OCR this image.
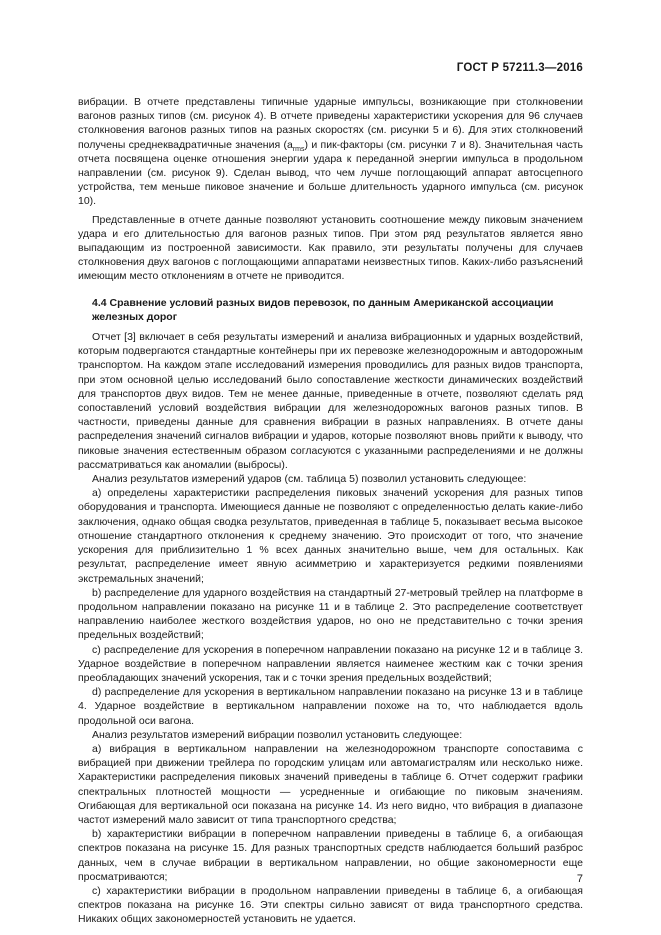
ГОСТ Р 57211.3—2016

вибрации. В отчете представлены типичные ударные импульсы, возникающие при столкновении вагонов разных типов (см. рисунок 4). В отчете приведены характеристики ускорения для 96 случаев столкновения вагонов разных типов на разных скоростях (см. рисунки 5 и 6). Для этих столкновений получены среднеквадратичные значения $(a_{rms})$ и пик-факторы (см. рисунки 7 и 8). Значительная часть отчета посвящена оценке отношения энергии удара к переданной энергии импульса в продольном направлении (см. рисунок 9). Сделан вывод, что чем лучше поглощающий аппарат автосцепного устройства, тем меньше пиковое значение и больше длительность ударного импульса (см. рисунок 10).

Представленные в отчете данные позволяют установить соотношение между пиковым значением удара и его длительностью для вагонов разных типов. При этом ряд результатов является явно выпадающим из построенной зависимости. Как правило, эти результаты получены для случаев столкновения двух вагонов с поглощающими аппаратами неизвестных типов. Каких-либо разъяснений имеющим место отклонениям в отчете не приводится.

4.4 Сравнение условий разных видов перевозок, по данным Американской ассоциации железных дорог

Отчет [3] включает в себя результаты измерений и анализа вибрационных и ударных воздействий, которым подвергаются стандартные контейнеры при их перевозке железнодорожным и автодорожным транспортом. На каждом этапе исследований измерения проводились для разных видов транспорта, при этом основной целью исследований было сопоставление жесткости динамических воздействий для транспортов двух видов. Тем не менее данные, приведенные в отчете, позволяют сделать ряд сопоставлений условий воздействия вибрации для железнодорожных вагонов разных типов. В частности, приведены данные для сравнения вибрации в разных направлениях. В отчете даны распределения значений сигналов вибрации и ударов, которые позволяют вновь прийти к выводу, что пиковые значения естественным образом согласуются с указанными распределениями и не должны рассматриваться как аномалии (выбросы).

Анализ результатов измерений ударов (см. таблица 5) позволил установить следующее:

а) определены характеристики распределения пиковых значений ускорения для разных типов оборудования и транспорта. Имеющиеся данные не позволяют с определенностью делать какие-либо заключения, однако общая сводка результатов, приведенная в таблице 5, показывает весьма высокое отношение стандартного отклонения к среднему значению. Это происходит от того, что значение ускорения для приблизительно 1 % всех данных значительно выше, чем для остальных. Как результат, распределение имеет явную асимметрию и характеризуется редкими появлениями экстремальных значений;

b) распределение для ударного воздействия на стандартный 27-метровый трейлер на платформе в продольном направлении показано на рисунке 11 и в таблице 2. Это распределение соответствует направлению наиболее жесткого воздействия ударов, но оно не представительно с точки зрения предельных воздействий;

c) распределение для ускорения в поперечном направлении показано на рисунке 12 и в таблице 3. Ударное воздействие в поперечном направлении является наименее жестким как с точки зрения преобладающих значений ускорения, так и с точки зрения предельных воздействий;

d) распределение для ускорения в вертикальном направлении показано на рисунке 13 и в таблице 4. Ударное воздействие в вертикальном направлении похоже на то, что наблюдается вдоль продольной оси вагона.

Анализ результатов измерений вибрации позволил установить следующее:

а) вибрация в вертикальном направлении на железнодорожном транспорте сопоставима с вибрацией при движении трейлера по городским улицам или автомагистралям или несколько ниже. Характеристики распределения пиковых значений приведены в таблице 6. Отчет содержит графики спектральных плотностей мощности — усредненные и огибающие по пиковым значениям. Огибающая для вертикальной оси показана на рисунке 14. Из него видно, что вибрация в диапазоне частот измерений мало зависит от типа транспортного средства;

b) характеристики вибрации в поперечном направлении приведены в таблице 6, а огибающая спектров показана на рисунке 15. Для разных транспортных средств наблюдается больший разброс данных, чем в случае вибрации в вертикальном направлении, но общие закономерности еще просматриваются;

c) характеристики вибрации в продольном направлении приведены в таблице 6, а огибающая спектров показана на рисунке 16. Эти спектры сильно зависят от вида транспортного средства. Никаких общих закономерностей установить не удается.

7
